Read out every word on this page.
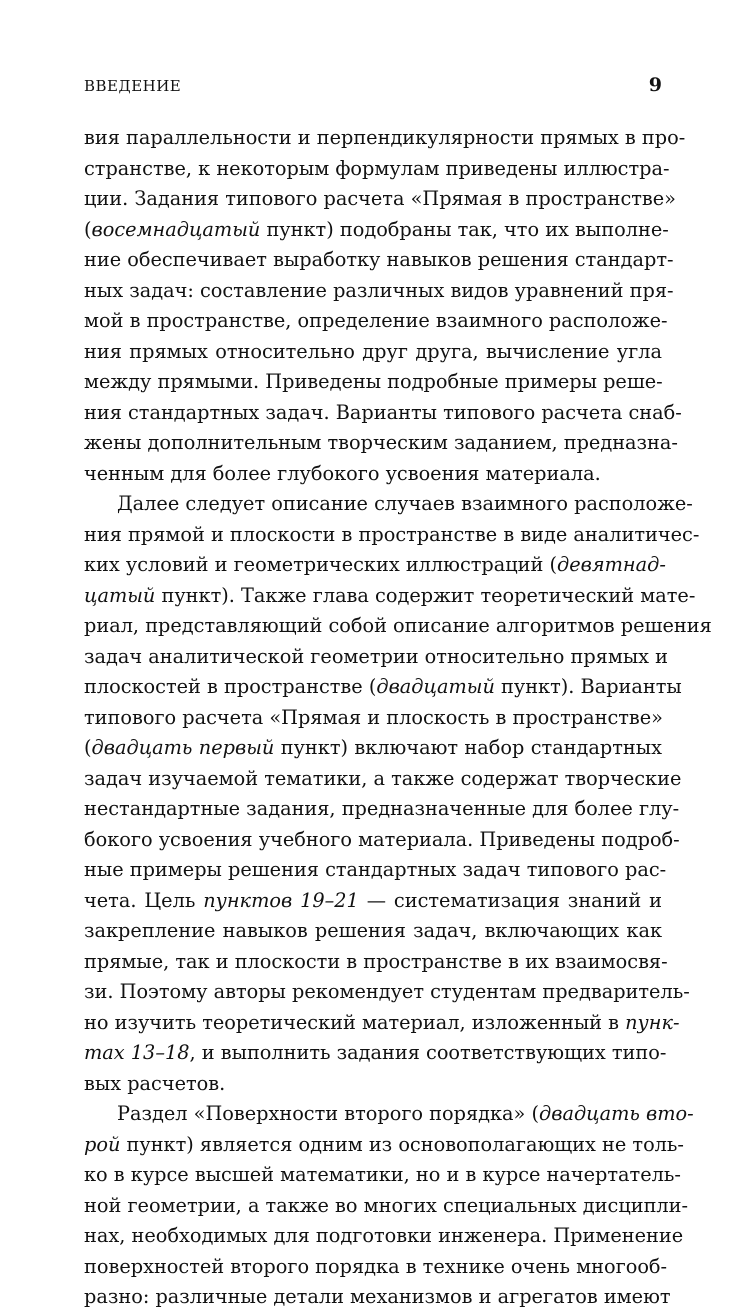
ВВЕДЕНИЕ	9
вия параллельности и перпендикулярности прямых в про-
странстве, к некоторым формулам приведены иллюстра-
ции. Задания типового расчета «Прямая в пространстве»
(восемнадцатый пункт) подобраны так, что их выполне-
ние обеспечивает выработку навыков решения стандарт-
ных задач: составление различных видов уравнений пря-
мой в пространстве, определение взаимного расположе-
ния прямых относительно друг друга, вычисление угла
между прямыми. Приведены подробные примеры реше-
ния стандартных задач. Варианты типового расчета снаб-
жены дополнительным творческим заданием, предназна-
ченным для более глубокого усвоения материала.
Далее следует описание случаев взаимного расположе-
ния прямой и плоскости в пространстве в виде аналитичес-
ких условий и геометрических иллюстраций (девятнад-
цатый пункт). Также глава содержит теоретический мате-
риал, представляющий собой описание алгоритмов решения
задач аналитической геометрии относительно прямых и
плоскостей в пространстве (двадцатый пункт). Варианты
типового расчета «Прямая и плоскость в пространстве»
(двадцать первый пункт) включают набор стандартных
задач изучаемой тематики, а также содержат творческие
нестандартные задания, предназначенные для более глу-
бокого усвоения учебного материала. Приведены подроб-
ные примеры решения стандартных задач типового рас-
чета. Цель пунктов 19–21 — систематизация знаний и
закрепление навыков решения задач, включающих как
прямые, так и плоскости в пространстве в их взаимосвя-
зи. Поэтому авторы рекомендует студентам предваритель-
но изучить теоретический материал, изложенный в пунк-
тах 13–18, и выполнить задания соответствующих типо-
вых расчетов.
Раздел «Поверхности второго порядка» (двадцать вто-
рой пункт) является одним из основополагающих не толь-
ко в курсе высшей математики, но и в курсе начертатель-
ной геометрии, а также во многих специальных дисципли-
нах, необходимых для подготовки инженера. Применение
поверхностей второго порядка в технике очень многооб-
разно: различные детали механизмов и агрегатов имеют
